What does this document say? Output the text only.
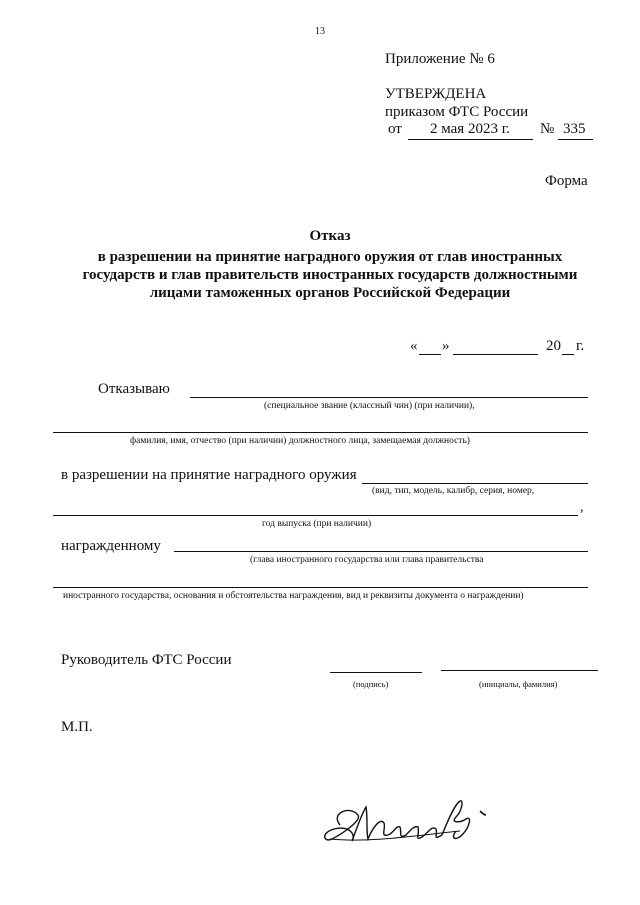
13
Приложение № 6
УТВЕРЖДЕНА
приказом ФТС России
от 2 мая 2023 г. № 335
Форма
Отказ
в разрешении на принятие наградного оружия от глав иностранных
государств и глав правительств иностранных государств должностными
лицами таможенных органов Российской Федерации
« »	20 г.
Отказываю
(специальное звание (классный чин) (при наличии),
фамилия, имя, отчество (при наличии) должностного лица, замещаемая должность)
в разрешении на принятие наградного оружия
(вид, тип, модель, калибр, серия, номер,
,
год выпуска (при наличии)
награжденному
(глава иностранного государства или глава правительства
иностранного государства, основания и обстоятельства награждения, вид и реквизиты документа о награждении)
Руководитель ФТС России
(подпись)	(инициалы, фамилия)
М.П.
